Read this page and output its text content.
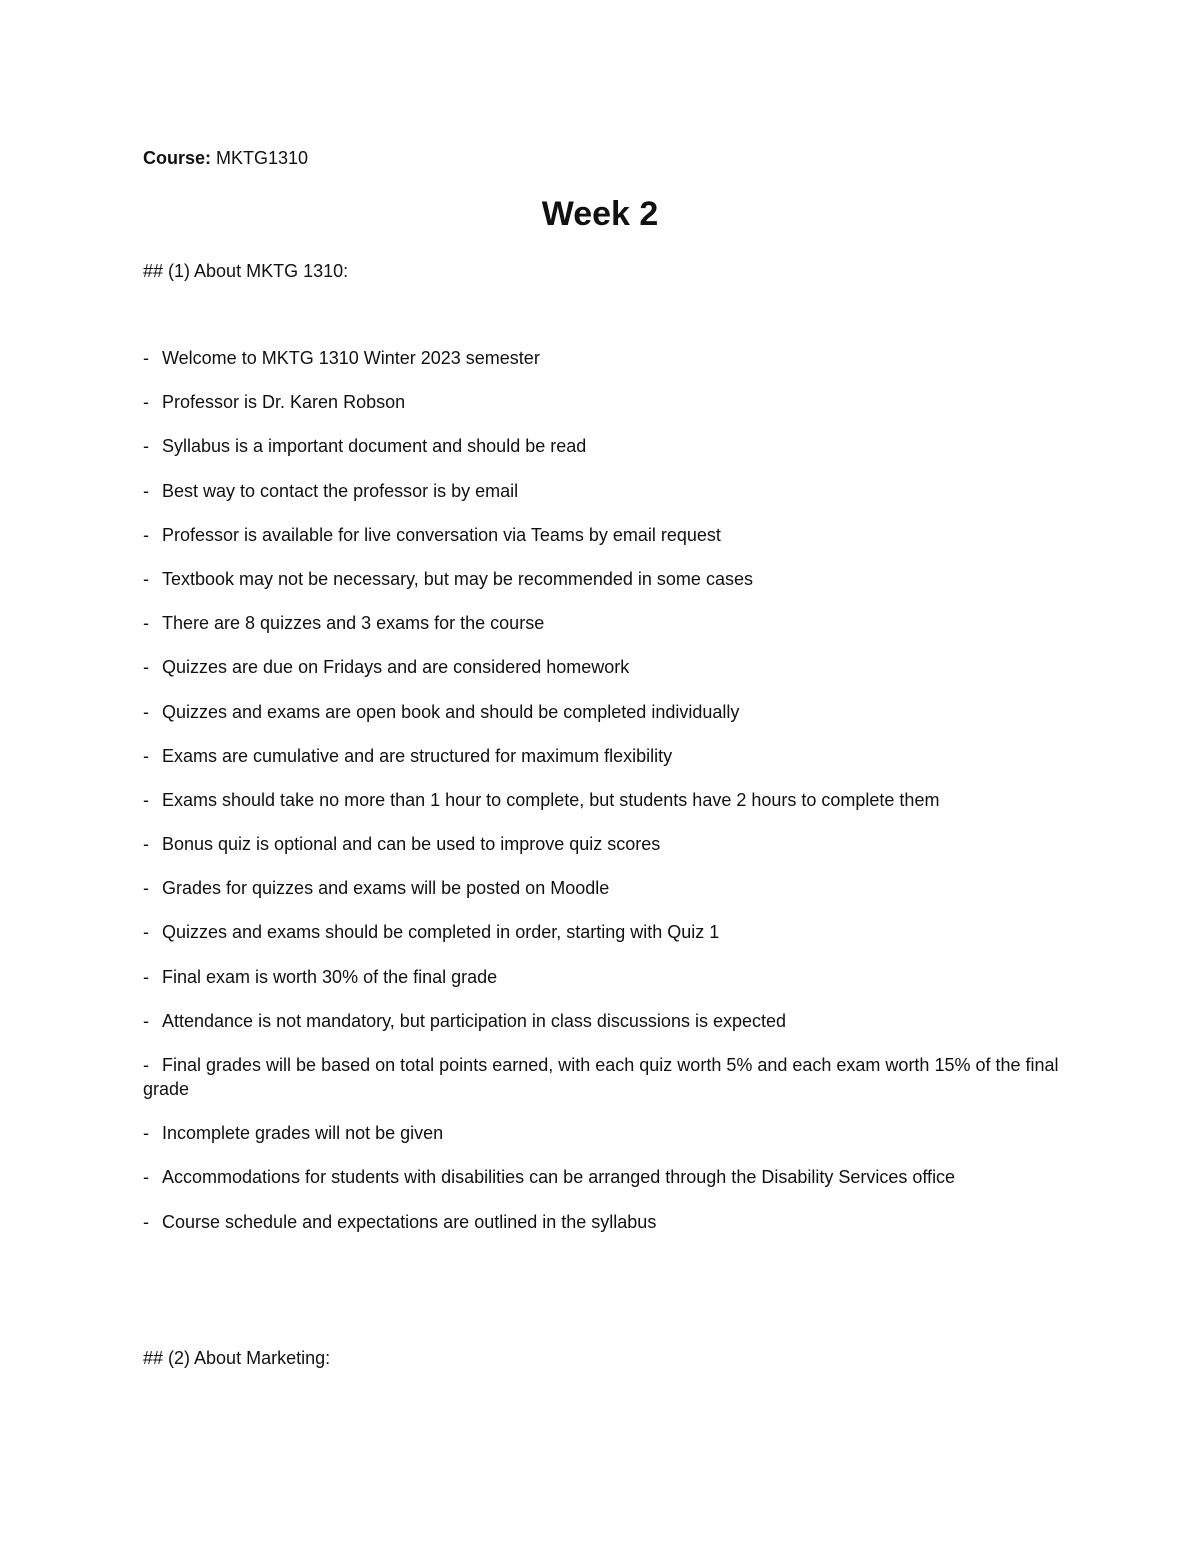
Course: MKTG1310
Week 2
## (1) About MKTG 1310:
- Welcome to MKTG 1310 Winter 2023 semester
- Professor is Dr. Karen Robson
- Syllabus is a important document and should be read
- Best way to contact the professor is by email
- Professor is available for live conversation via Teams by email request
- Textbook may not be necessary, but may be recommended in some cases
- There are 8 quizzes and 3 exams for the course
- Quizzes are due on Fridays and are considered homework
- Quizzes and exams are open book and should be completed individually
- Exams are cumulative and are structured for maximum flexibility
- Exams should take no more than 1 hour to complete, but students have 2 hours to complete them
- Bonus quiz is optional and can be used to improve quiz scores
- Grades for quizzes and exams will be posted on Moodle
- Quizzes and exams should be completed in order, starting with Quiz 1
- Final exam is worth 30% of the final grade
- Attendance is not mandatory, but participation in class discussions is expected
- Final grades will be based on total points earned, with each quiz worth 5% and each exam worth 15% of the final grade
- Incomplete grades will not be given
- Accommodations for students with disabilities can be arranged through the Disability Services office
- Course schedule and expectations are outlined in the syllabus
## (2) About Marketing:
